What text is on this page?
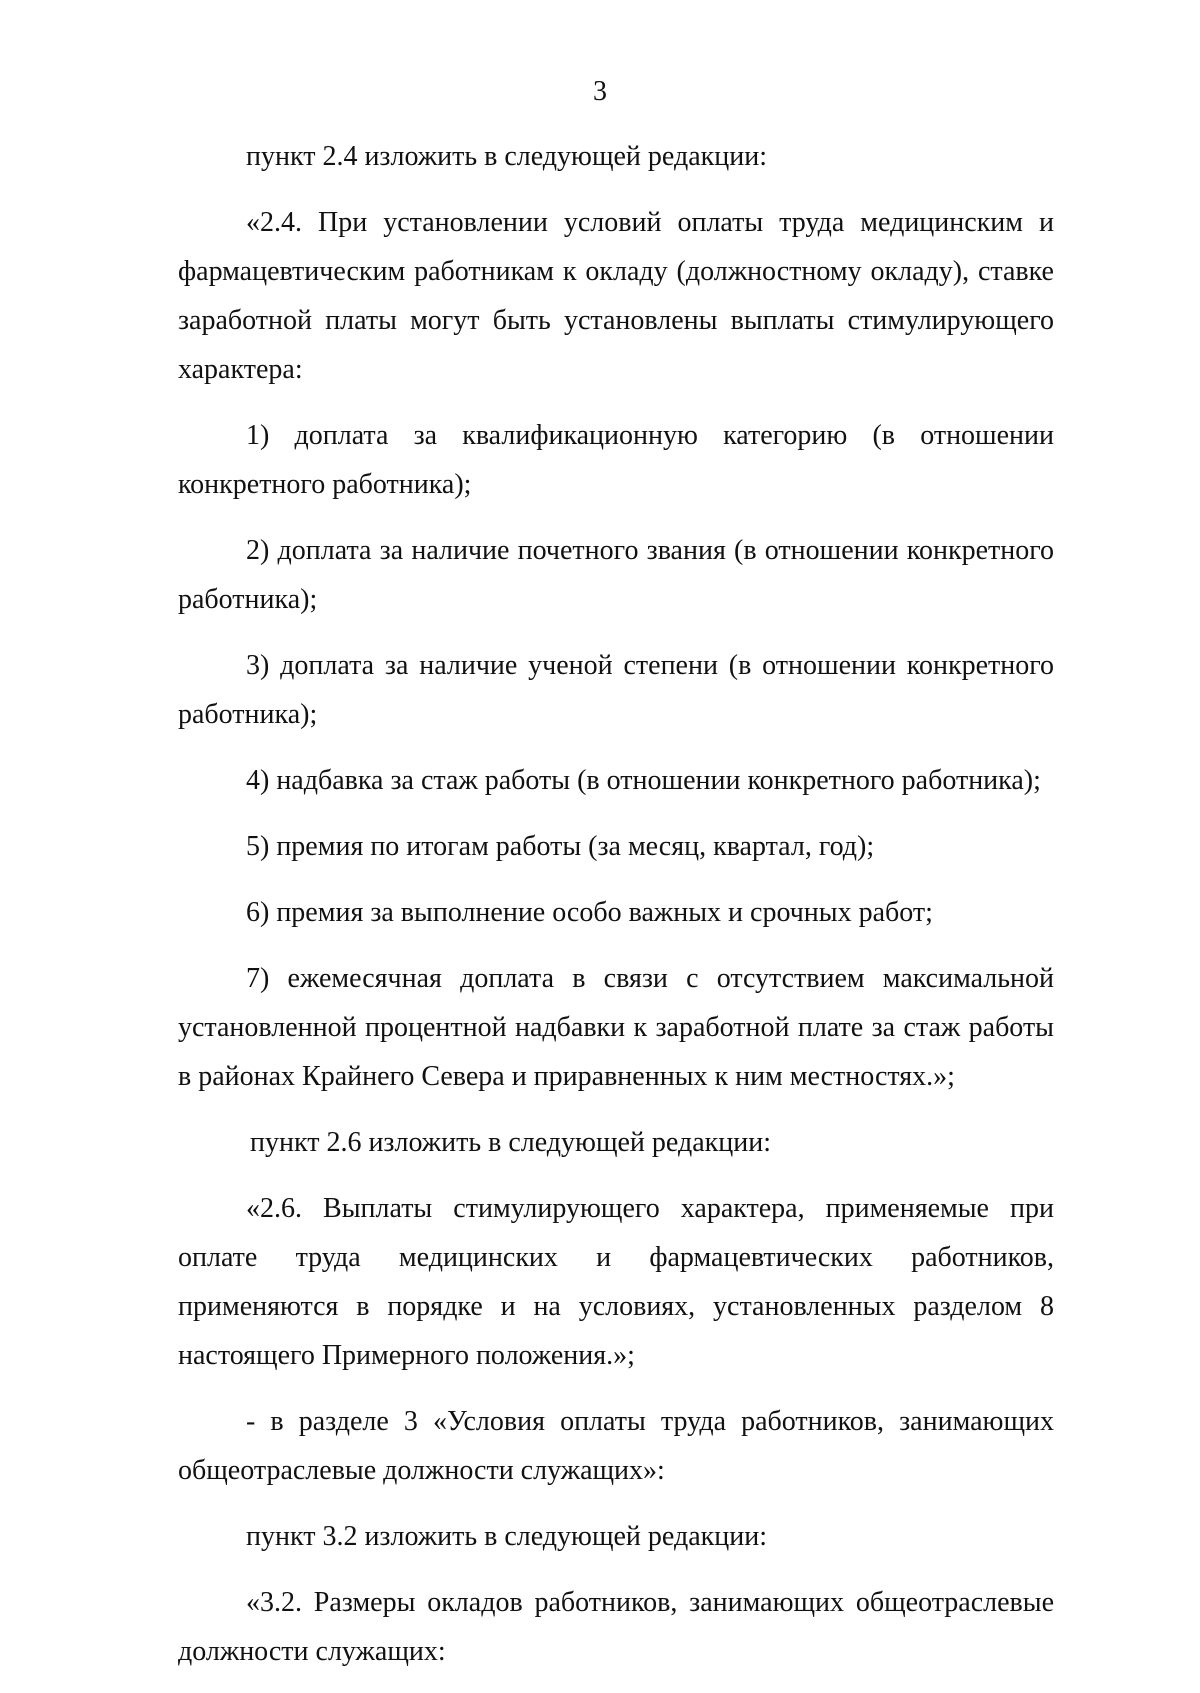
3

пункт 2.4 изложить в следующей редакции:

«2.4. При установлении условий оплаты труда медицинским и фармацевтическим работникам к окладу (должностному окладу), ставке заработной платы могут быть установлены выплаты стимулирующего характера:

1) доплата за квалификационную категорию (в отношении конкретного работника);

2) доплата за наличие почетного звания (в отношении конкретного работника);

3) доплата за наличие ученой степени (в отношении конкретного работника);

4) надбавка за стаж работы (в отношении конкретного работника);

5) премия по итогам работы (за месяц, квартал, год);

6) премия за выполнение особо важных и срочных работ;

7) ежемесячная доплата в связи с отсутствием максимальной установленной процентной надбавки к заработной плате за стаж работы в районах Крайнего Севера и приравненных к ним местностях.»;

пункт 2.6 изложить в следующей редакции:

«2.6. Выплаты стимулирующего характера, применяемые при оплате труда медицинских и фармацевтических работников, применяются в порядке и на условиях, установленных разделом 8 настоящего Примерного положения.»;

- в разделе 3 «Условия оплаты труда работников, занимающих общеотраслевые должности служащих»:

пункт 3.2 изложить в следующей редакции:

«3.2. Размеры окладов работников, занимающих общеотраслевые должности служащих:
